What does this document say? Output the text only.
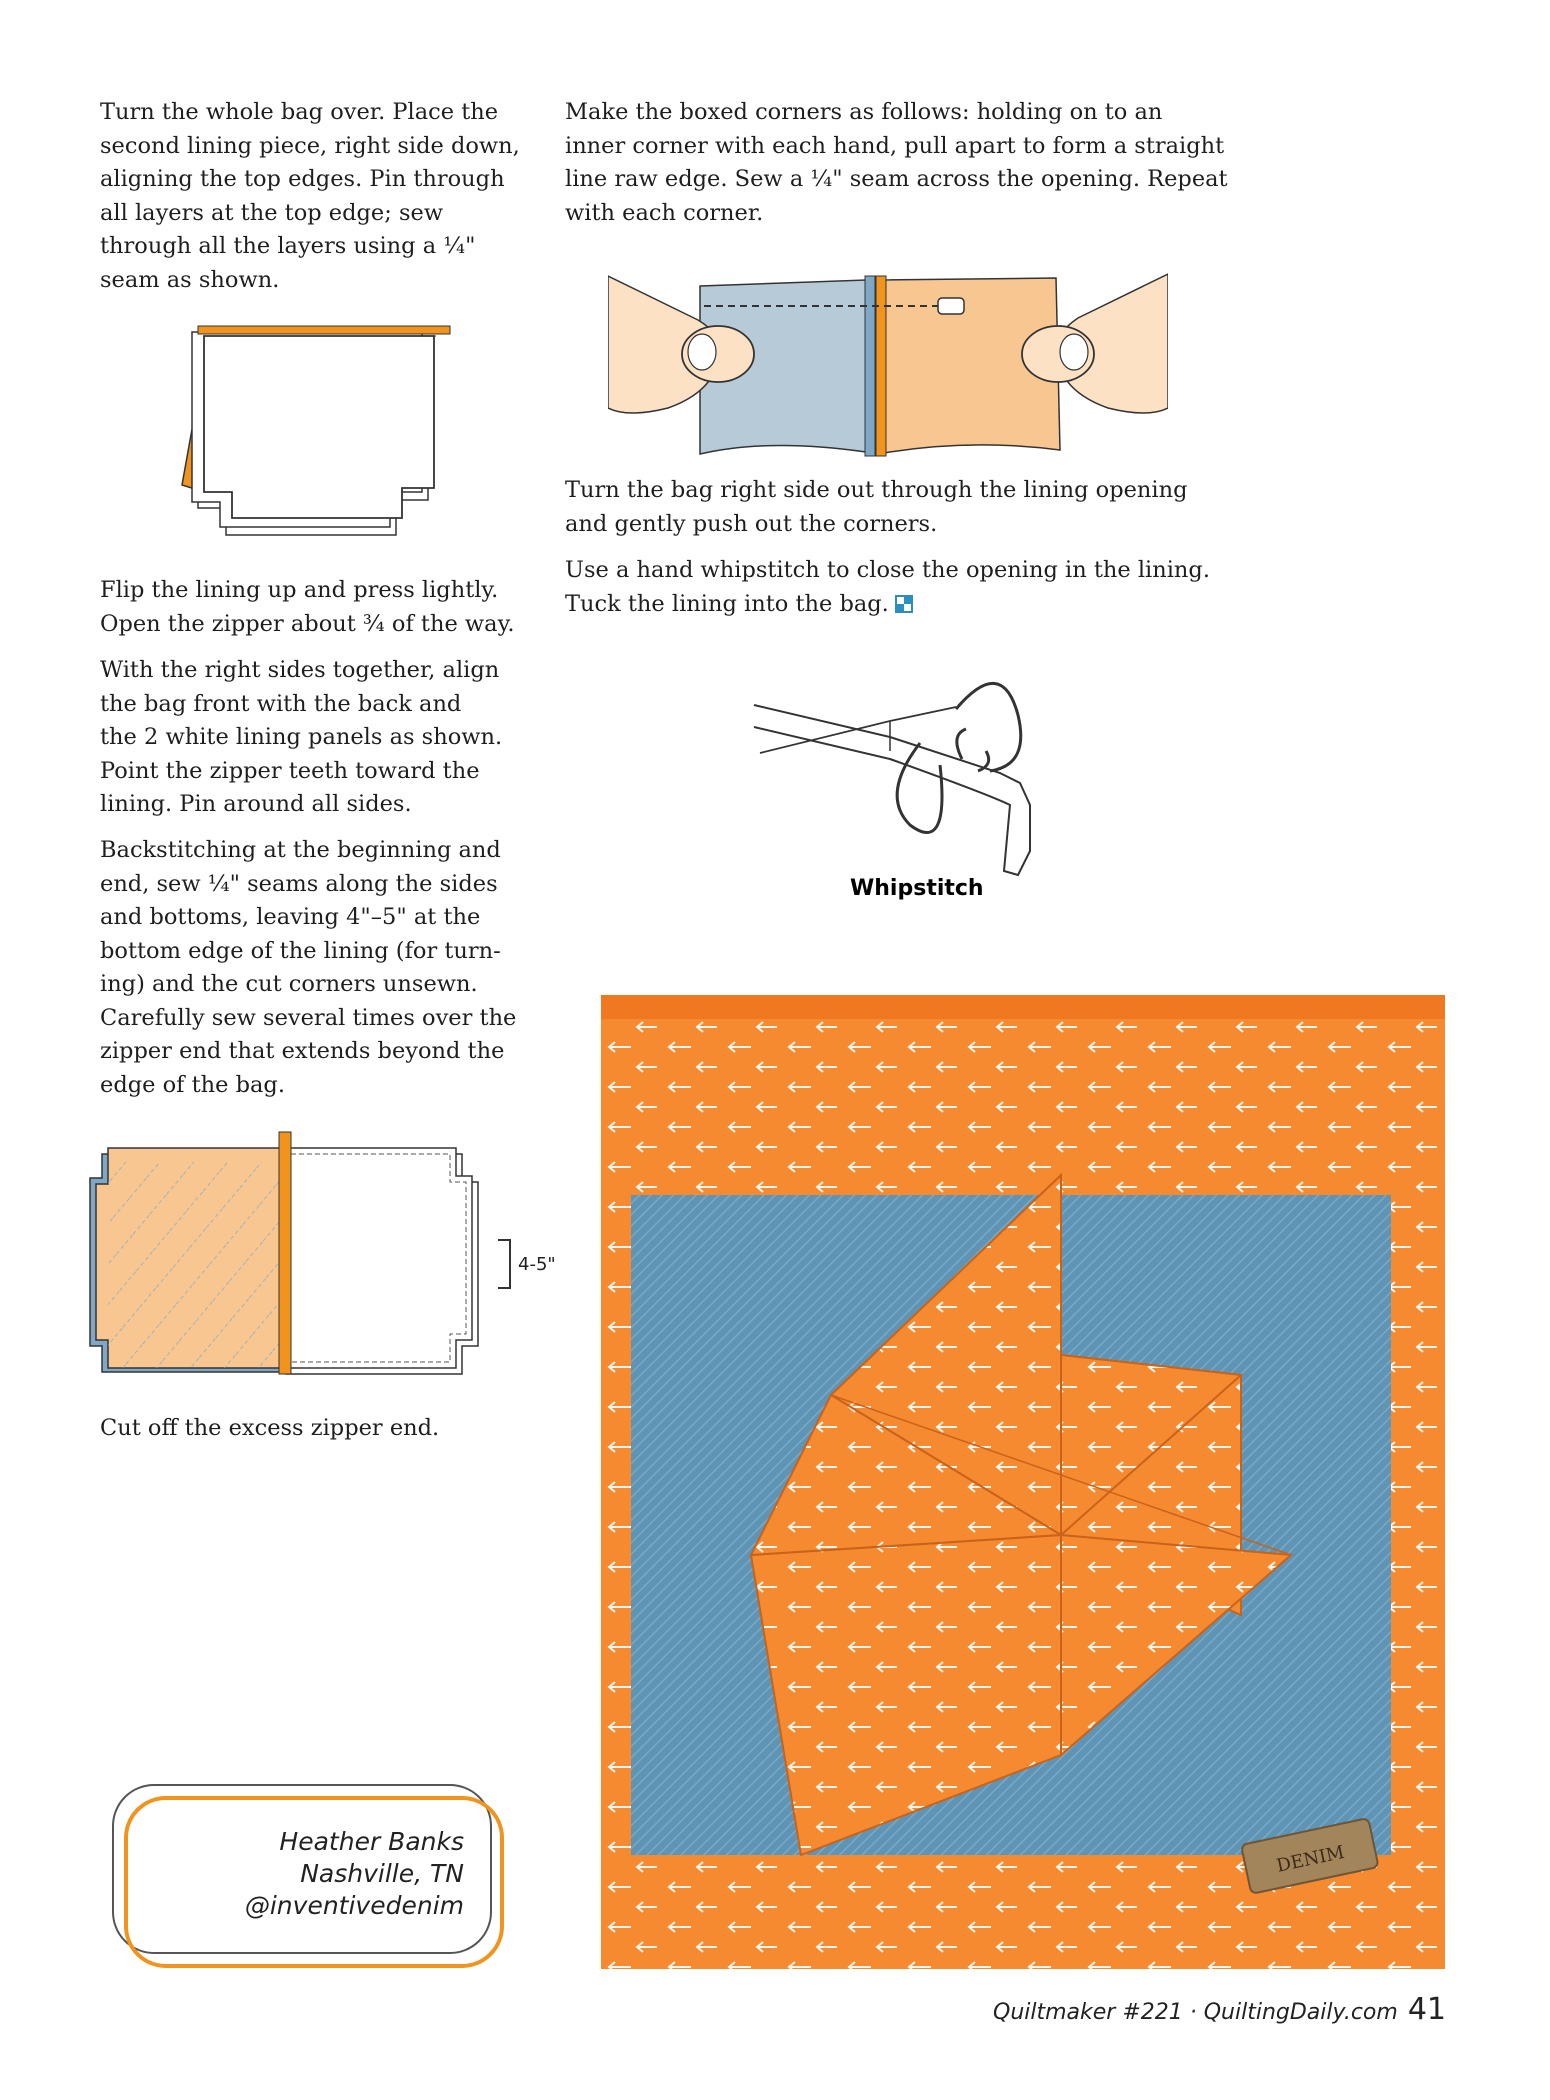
Turn the whole bag over. Place the
second lining piece, right side down,
aligning the top edges. Pin through
all layers at the top edge; sew
through all the layers using a ¼"
seam as shown.

Flip the lining up and press lightly.
Open the zipper about ¾ of the way.

With the right sides together, align
the bag front with the back and
the 2 white lining panels as shown.
Point the zipper teeth toward the
lining. Pin around all sides.

Backstitching at the beginning and
end, sew ¼" seams along the sides
and bottoms, leaving 4"–5" at the
bottom edge of the lining (for turn-
ing) and the cut corners unsewn.
Carefully sew several times over the
zipper end that extends beyond the
edge of the bag.

4-5"

Cut off the excess zipper end.

Make the boxed corners as follows: holding on to an
inner corner with each hand, pull apart to form a straight
line raw edge. Sew a ¼" seam across the opening. Repeat
with each corner.

Turn the bag right side out through the lining opening
and gently push out the corners.

Use a hand whipstitch to close the opening in the lining.
Tuck the lining into the bag.

Whipstitch
DENIM
Heather Banks
Nashville, TN
@inventivedenim
Quiltmaker #221 · QuiltingDaily.com 41
